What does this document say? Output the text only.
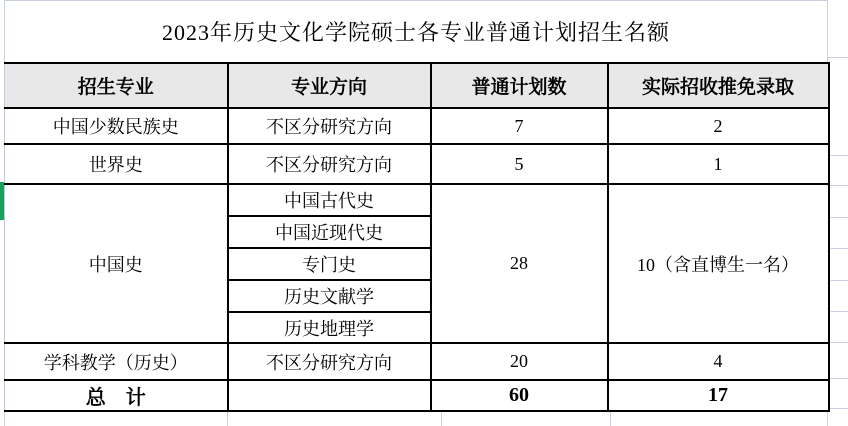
2023年历史文化学院硕士各专业普通计划招生名额
招生专业	专业方向	普通计划数	实际招收推免录取
中国少数民族史	不区分研究方向	7	2
世界史	不区分研究方向	5	1
中国史	中国古代史	28	10（含直博生一名）
	中国近现代史		
	专门史		
	历史文献学		
	历史地理学		
学科教学（历史）	不区分研究方向	20	4
总　计		60	17
